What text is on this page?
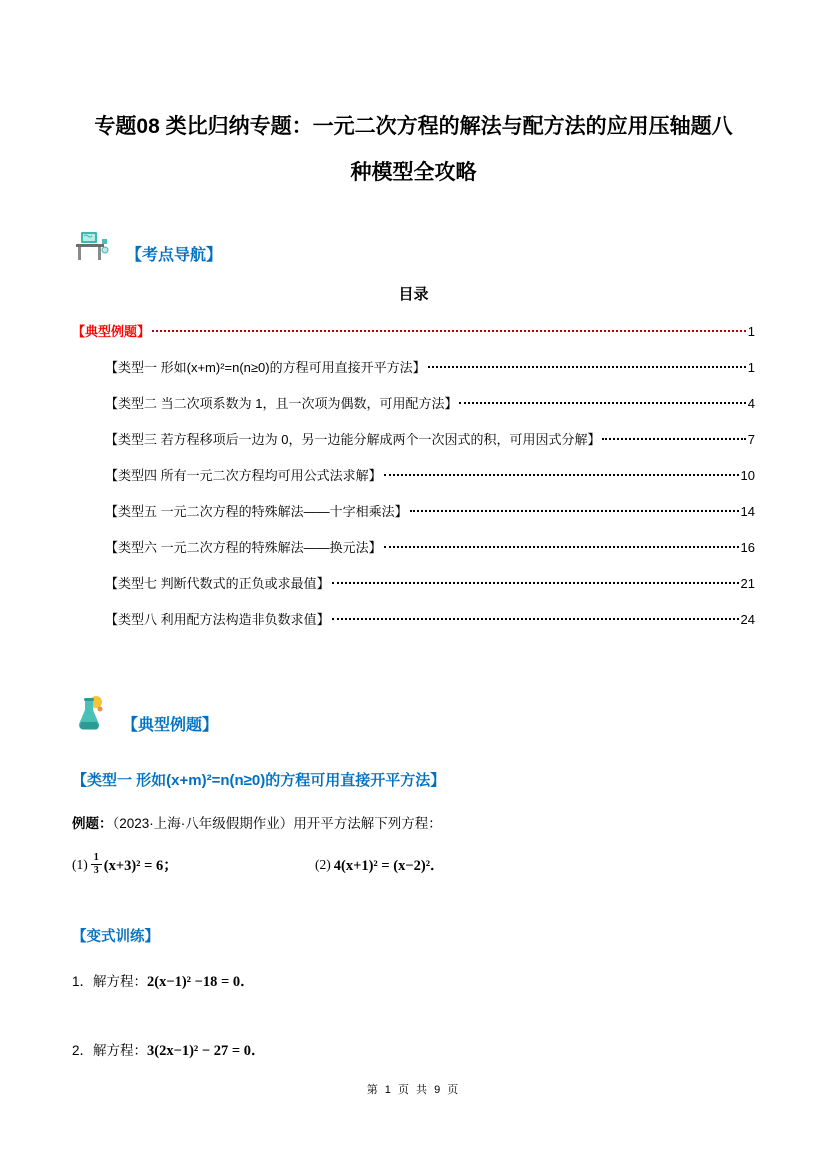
专题08 类比归纳专题：一元二次方程的解法与配方法的应用压轴题八
种模型全攻略
【考点导航】
目录
【典型例题】	1
【类型一 形如(x+m)²=n(n≥0)的方程可用直接开平方法】	1
【类型二 当二次项系数为 1，且一次项为偶数，可用配方法】	4
【类型三 若方程移项后一边为 0，另一边能分解成两个一次因式的积，可用因式分解】	7
【类型四 所有一元二次方程均可用公式法求解】	10
【类型五 一元二次方程的特殊解法——十字相乘法】	14
【类型六 一元二次方程的特殊解法——换元法】	16
【类型七 判断代数式的正负或求最值】	21
【类型八 利用配方法构造非负数求值】	24
【典型例题】
【类型一 形如(x+m)²=n(n≥0)的方程可用直接开平方法】
例题：（2023·上海·八年级假期作业）用开平方法解下列方程：
$(1) \frac{1}{3} (x+3)^2 = 6$；	(2) 4(x+1)² = (x−2)²．
【变式训练】
1．解方程：2(x−1)² −18 = 0．
2．解方程：3(2x−1)² − 27 = 0．
第 1 页 共 9 页
